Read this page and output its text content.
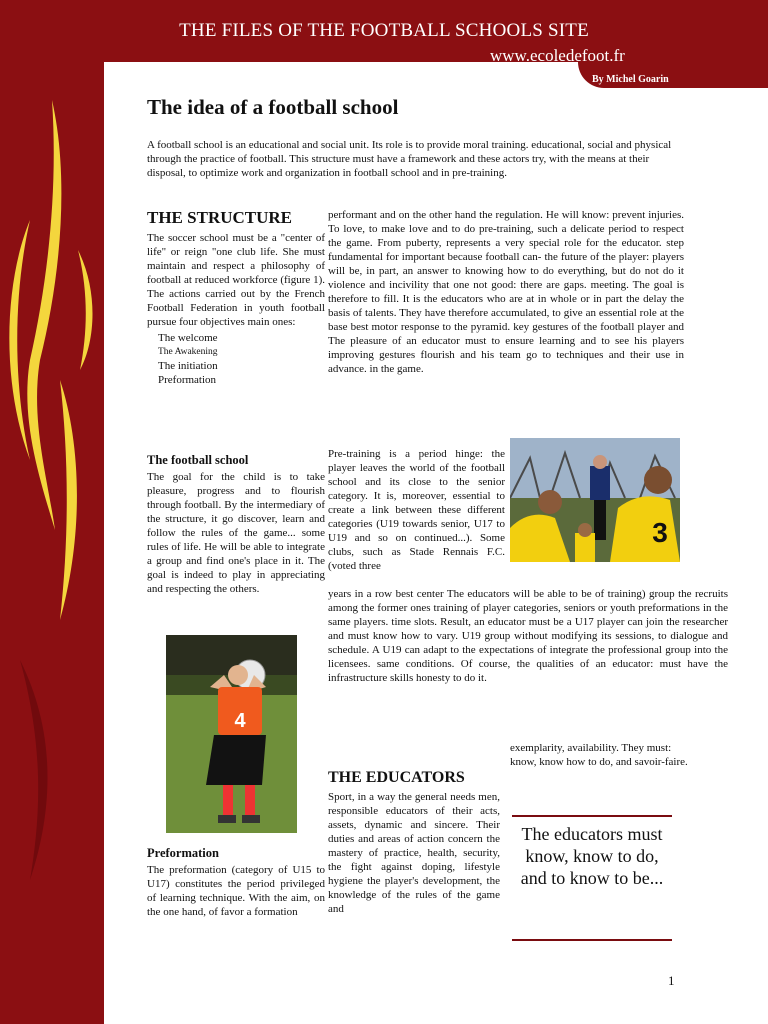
THE FILES OF THE FOOTBALL SCHOOLS SITE
www.ecoledefoot.fr
By Michel Goarin
The idea of a football school
A football school is an educational and social unit. Its role is to provide moral training. educational, social and physical through the practice of football. This structure must have a framework and these actors try, with the means at their disposal, to optimize work and organization in football school and in pre-training.
THE STRUCTURE
The soccer school must be a "center of life" or reign "one club life. She must maintain and respect a philosophy of football at reduced workforce (figure 1). The actions carried out by the French Football Federation in youth football pursue four objectives main ones:
The welcome
The Awakening
The initiation
Preformation
The football school
The goal for the child is to take pleasure, progress and to flourish through football. By the intermediary of the structure, it go discover, learn and follow the rules of the game... some rules of life. He will be able to integrate a group and find one's place in it. The goal is indeed to play in appreciating and respecting the others.
4
Preformation
The preformation (category of U15 to U17) constitutes the period privileged of learning technique. With the aim, on the one hand, of favor a formation
performant and on the other hand the regulation. He will know: prevent injuries. To love, to make love and to do pre-training, such a delicate period to respect the game. From puberty, represents a very special role for the educator. step fundamental for important because football can- the future of the player: players will be, in part, an answer to knowing how to do everything, but do not do it violence and incivility that one not good: there are gaps. meeting. The goal is therefore to fill. It is the educators who are at in whole or in part the delay the basis of talents. They have therefore accumulated, to give an essential role at the base best motor response to the pyramid. key gestures of the football player and The pleasure of an educator must to ensure learning and to see his players improving gestures flourish and his team go to techniques and their use in advance. in the game.
3
Pre-training is a period hinge: the player leaves the world of the football school and its close to the senior category. It is, moreover, essential to create a link between these different categories (U19 towards senior, U17 to U19 and so on continued...). Some clubs, such as Stade Rennais F.C. (voted three
years in a row best center The educators will be able to be of training) group the recruits among the former ones training of player categories, seniors or youth preformations in the same players. time slots. Result, an educator must be a U17 player can join the researcher and must know how to vary. U19 group without modifying its sessions, to dialogue and schedule. A U19 can adapt to the expectations of integrate the professional group into the licensees. same conditions. Of course, the qualities of an educator: must have the infrastructure skills honesty to do it.
exemplarity, availability. They must: know, know how to do, and savoir-faire.
THE EDUCATORS
Sport, in a way the general needs men, responsible educators of their acts, assets, dynamic and sincere. Their duties and areas of action concern the mastery of practice, health, security, the fight against doping, lifestyle hygiene the player's development, the knowledge of the rules of the game and
The educators must know, know to do, and to know to be...
1
